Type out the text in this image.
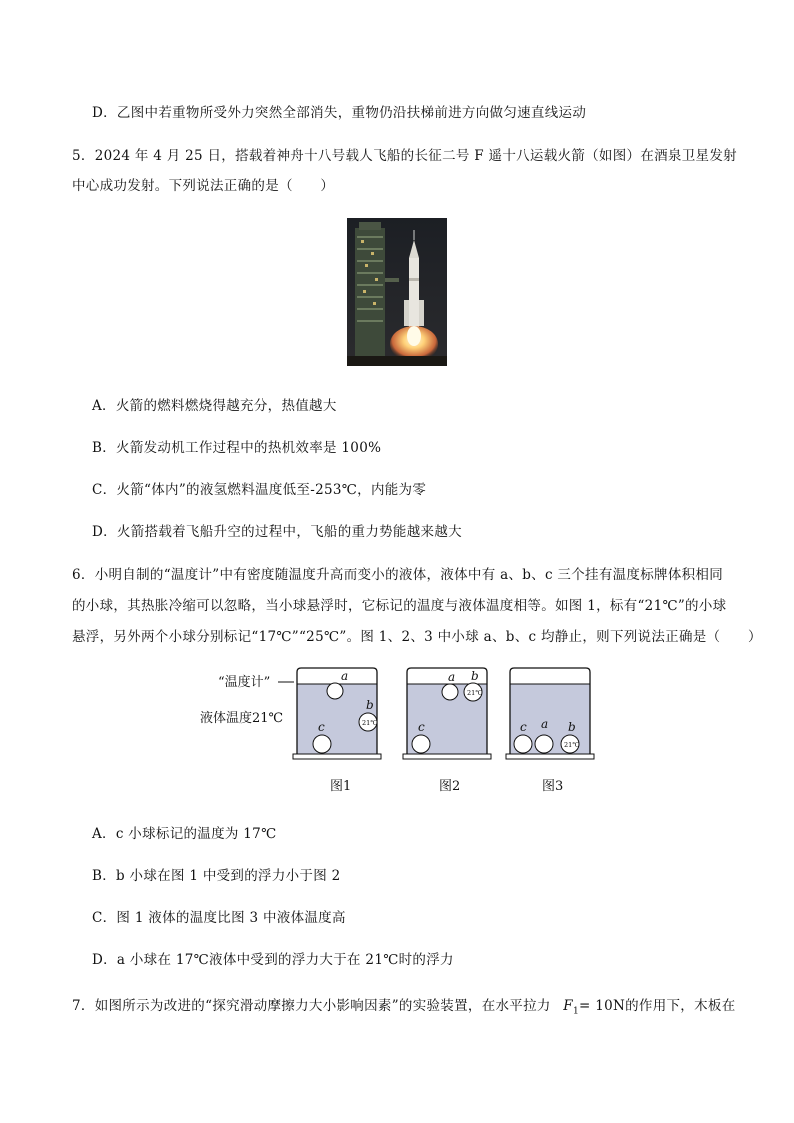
D．乙图中若重物所受外力突然全部消失，重物仍沿扶梯前进方向做匀速直线运动
5．2024 年 4 月 25 日，搭载着神舟十八号载人飞船的长征二号 F 遥十八运载火箭（如图）在酒泉卫星发射
中心成功发射。下列说法正确的是（　　）
A．火箭的燃料燃烧得越充分，热值越大
B．火箭发动机工作过程中的热机效率是 100%
C．火箭“体内”的液氢燃料温度低至-253℃，内能为零
D．火箭搭载着飞船升空的过程中，飞船的重力势能越来越大
6．小明自制的“温度计”中有密度随温度升高而变小的液体，液体中有 a、b、c 三个挂有温度标牌体积相同
的小球，其热胀冷缩可以忽略，当小球悬浮时，它标记的温度与液体温度相等。如图 1，标有“21℃”的小球
悬浮，另外两个小球分别标记“17℃”“25℃”。图 1、2、3 中小球 a、b、c 均静止，则下列说法正确是（　　）
“温度计”
液体温度21℃
a
21℃
b
c
a
21℃
b
c	c a
21℃
b
图1	图2	图3
A．c 小球标记的温度为 17℃
B．b 小球在图 1 中受到的浮力小于图 2
C．图 1 液体的温度比图 3 中液体温度高
D．a 小球在 17℃液体中受到的浮力大于在 21℃时的浮力
7．如图所示为改进的“探究滑动摩擦力大小影响因素”的实验装置，在水平拉力 $F_1= 10N$的作用下，木板在
